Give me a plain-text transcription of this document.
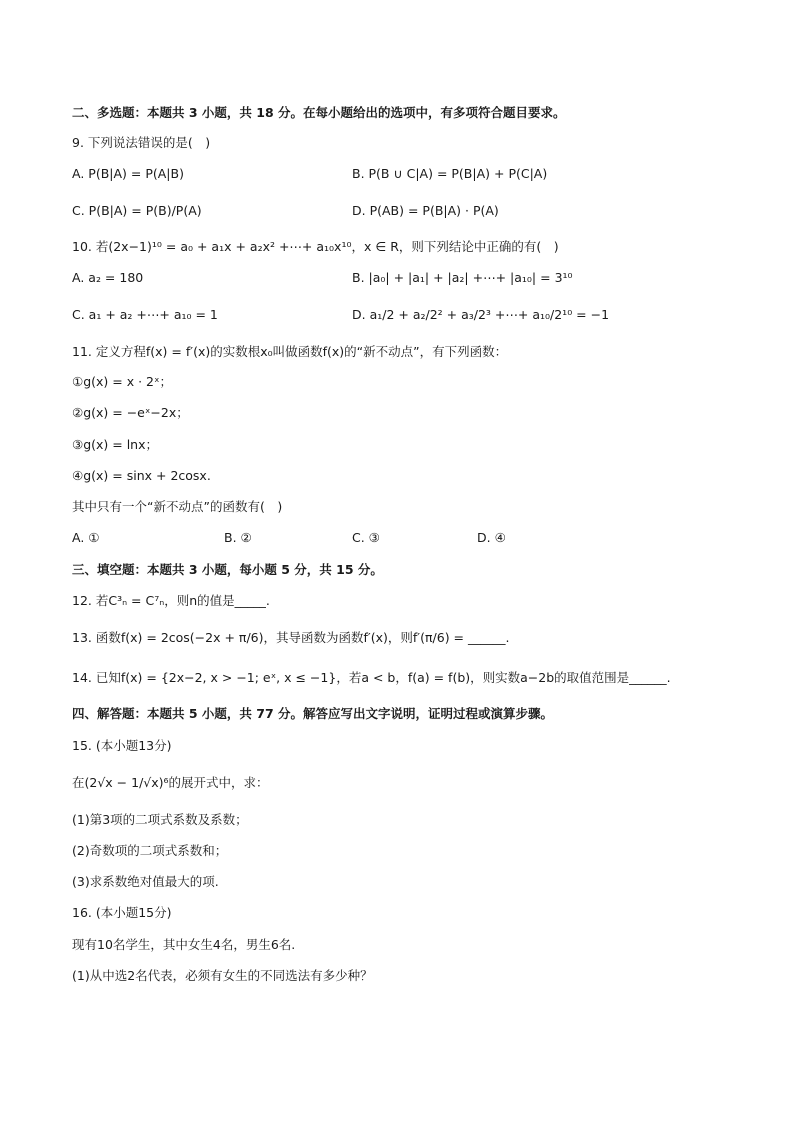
二、多选题：本题共 3 小题，共 18 分。在每小题给出的选项中，有多项符合题目要求。
9. 下列说法错误的是(　)
A. P(B|A) = P(A|B)	B. P(B ∪ C|A) = P(B|A) + P(C|A)
C. P(B|A) = P(B)/P(A)	D. P(AB) = P(B|A) · P(A)
10. 若(2x−1)¹⁰ = a₀ + a₁x + a₂x² +⋯+ a₁₀x¹⁰，x ∈ R，则下列结论中正确的有(　)
A. a₂ = 180	B. |a₀| + |a₁| + |a₂| +⋯+ |a₁₀| = 3¹⁰
C. a₁ + a₂ +⋯+ a₁₀ = 1	D. a₁/2 + a₂/2² + a₃/2³ +⋯+ a₁₀/2¹⁰ = −1
11. 定义方程f(x) = f′(x)的实数根x₀叫做函数f(x)的“新不动点”，有下列函数：
①g(x) = x · 2ˣ；
②g(x) = −eˣ−2x；
③g(x) = lnx；
④g(x) = sinx + 2cosx.
其中只有一个“新不动点”的函数有(　)
A. ①	B. ②	C. ③	D. ④
三、填空题：本题共 3 小题，每小题 5 分，共 15 分。
12. 若C³ₙ = C⁷ₙ，则n的值是_____.
13. 函数f(x) = 2cos(−2x + π/6)，其导函数为函数f′(x)，则f′(π/6) = ______.
14. 已知f(x) = {2x−2, x > −1; eˣ, x ≤ −1}，若a < b，f(a) = f(b)，则实数a−2b的取值范围是______.
四、解答题：本题共 5 小题，共 77 分。解答应写出文字说明，证明过程或演算步骤。
15. (本小题13分)
在(2√x − 1/√x)⁶的展开式中，求：
(1)第3项的二项式系数及系数；
(2)奇数项的二项式系数和；
(3)求系数绝对值最大的项.
16. (本小题15分)
现有10名学生，其中女生4名，男生6名.
(1)从中选2名代表，必须有女生的不同选法有多少种？
